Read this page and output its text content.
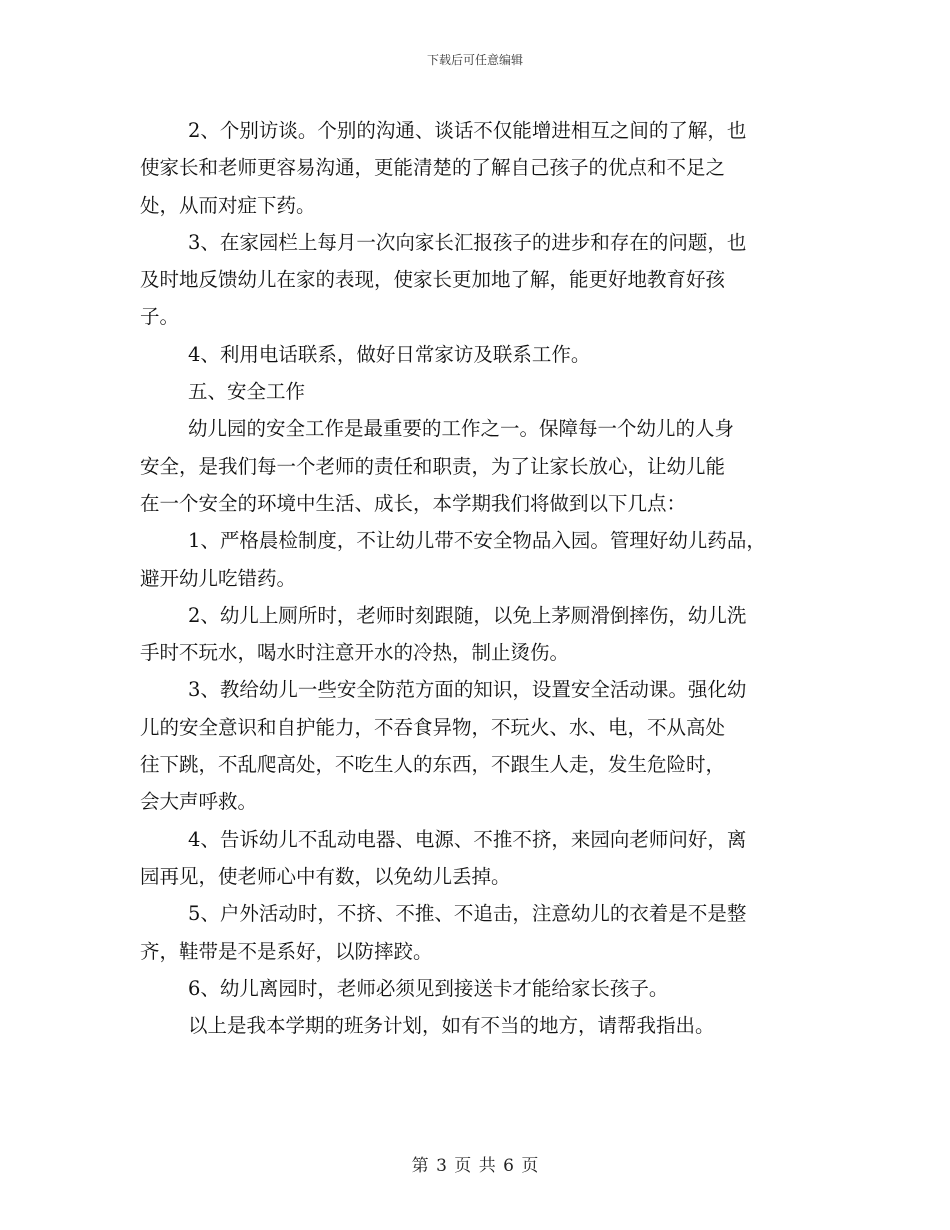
下载后可任意编辑
2、个别访谈。个别的沟通、谈话不仅能增进相互之间的了解，也
使家长和老师更容易沟通，更能清楚的了解自己孩子的优点和不足之
处，从而对症下药。
3、在家园栏上每月一次向家长汇报孩子的进步和存在的问题，也
及时地反馈幼儿在家的表现，使家长更加地了解，能更好地教育好孩
子。
4、利用电话联系，做好日常家访及联系工作。
五、安全工作
幼儿园的安全工作是最重要的工作之一。保障每一个幼儿的人身
安全，是我们每一个老师的责任和职责，为了让家长放心，让幼儿能
在一个安全的环境中生活、成长，本学期我们将做到以下几点：
1、严格晨检制度，不让幼儿带不安全物品入园。管理好幼儿药品，
避开幼儿吃错药。
2、幼儿上厕所时，老师时刻跟随，以免上茅厕滑倒摔伤，幼儿洗
手时不玩水，喝水时注意开水的冷热，制止烫伤。
3、教给幼儿一些安全防范方面的知识，设置安全活动课。强化幼
儿的安全意识和自护能力，不吞食异物，不玩火、水、电，不从高处
往下跳，不乱爬高处，不吃生人的东西，不跟生人走，发生危险时，
会大声呼救。
4、告诉幼儿不乱动电器、电源、不推不挤，来园向老师问好，离
园再见，使老师心中有数，以免幼儿丢掉。
5、户外活动时，不挤、不推、不追击，注意幼儿的衣着是不是整
齐，鞋带是不是系好，以防摔跤。
6、幼儿离园时，老师必须见到接送卡才能给家长孩子。
以上是我本学期的班务计划，如有不当的地方，请帮我指出。
第 3 页 共 6 页
